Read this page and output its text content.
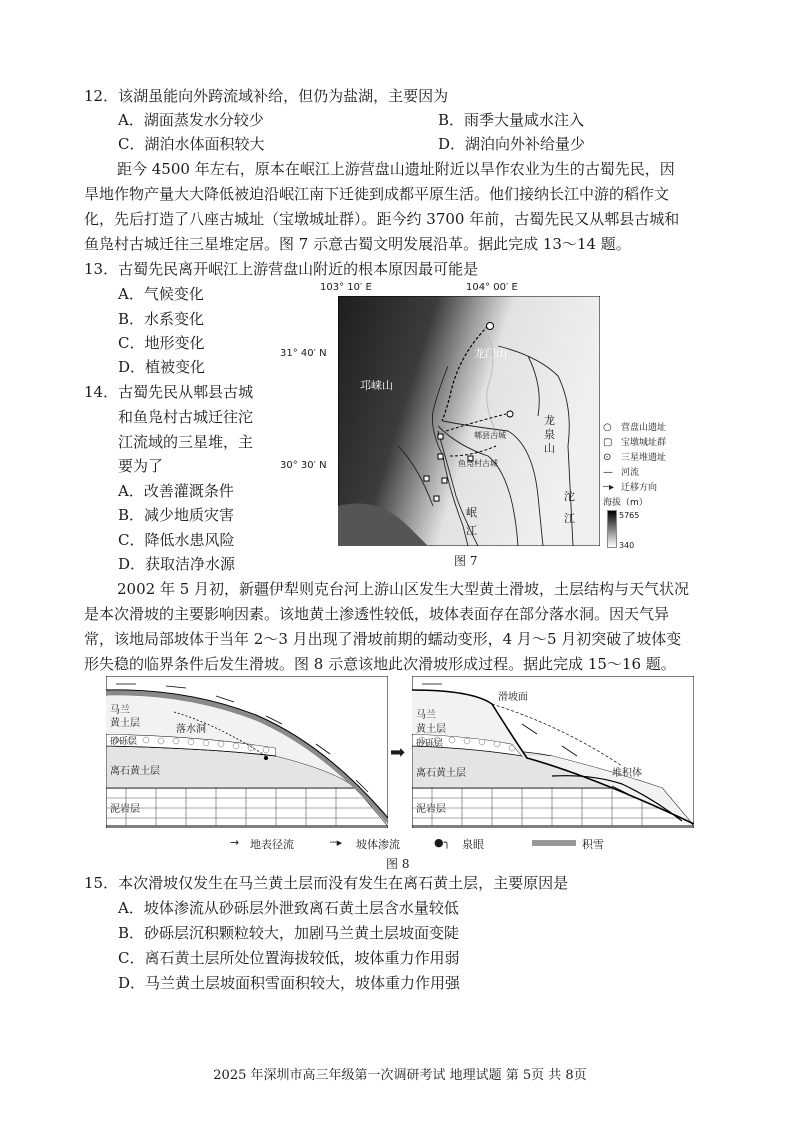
12．该湖虽能向外跨流域补给，但仍为盐湖，主要因为
A．湖面蒸发水分较少	B．雨季大量咸水注入
C．湖泊水体面积较大	D．湖泊向外补给量少
距今 4500 年左右，原本在岷江上游营盘山遗址附近以旱作农业为生的古蜀先民，因
旱地作物产量大大降低被迫沿岷江南下迁徙到成都平原生活。他们接纳长江中游的稻作文
化，先后打造了八座古城址（宝墩城址群）。距今约 3700 年前，古蜀先民又从郫县古城和
鱼凫村古城迁往三星堆定居。图 7 示意古蜀文明发展沿革。据此完成 13～14 题。
13．古蜀先民离开岷江上游营盘山附近的根本原因最可能是
A．气候变化
B．水系变化
C．地形变化
D．植被变化
14．古蜀先民从郫县古城
和鱼凫村古城迁往沱
江流域的三星堆，主
要为了
A．改善灌溉条件
B．减少地质灾害
C．降低水患风险
D．获取洁净水源
103° 10′ E	104° 00′ E
31° 40′ N
30° 30′ N
邛崃山
龙门山
郫县古城
鱼凫村古城
龙泉山
沱江
岷江
○ 营盘山遗址
▢ 宝墩城址群
⊙ 三星堆遗址
— 河流
┄▸ 迁移方向
海拔（m）
5765
340
图 7
2002 年 5 月初，新疆伊犁则克台河上游山区发生大型黄土滑坡，土层结构与天气状况
是本次滑坡的主要影响因素。该地黄土渗透性较低，坡体表面存在部分落水洞。因天气异
常，该地局部坡体于当年 2～3 月出现了滑坡前期的蠕动变形，4 月～5 月初突破了坡体变
形失稳的临界条件后发生滑坡。图 8 示意该地此次滑坡形成过程。据此完成 15～16 题。
马兰
黄土层
砂砾层
离石黄土层
泥岩层
落水洞
➡
马兰
黄土层
砂砾层
离石黄土层
泥岩层
滑坡面
堆积体
→ 地表径流	┄▸ 坡体渗流	●╮ 泉眼	积雪
图 8
15．本次滑坡仅发生在马兰黄土层而没有发生在离石黄土层，主要原因是
A．坡体渗流从砂砾层外泄致离石黄土层含水量较低
B．砂砾层沉积颗粒较大，加剧马兰黄土层坡面变陡
C．离石黄土层所处位置海拔较低，坡体重力作用弱
D．马兰黄土层坡面积雪面积较大，坡体重力作用强
2025 年深圳市高三年级第一次调研考试 地理试题 第 5页 共 8页
